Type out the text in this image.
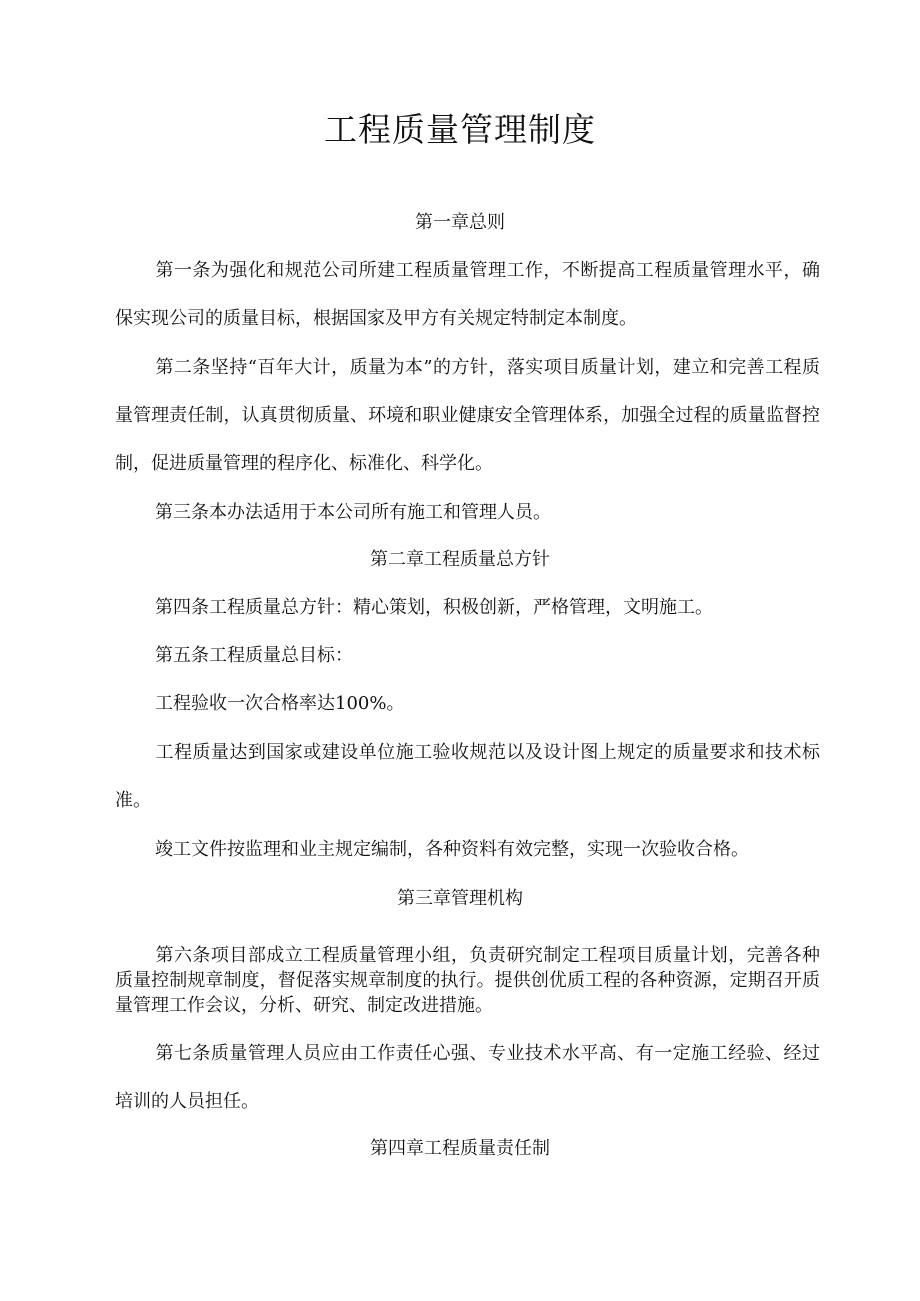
工程质量管理制度
第一章总则

第一条为强化和规范公司所建工程质量管理工作，不断提高工程质量管理水平，确保实现公司的质量目标，根据国家及甲方有关规定特制定本制度。

第二条坚持“百年大计，质量为本”的方针，落实项目质量计划，建立和完善工程质量管理责任制，认真贯彻质量、环境和职业健康安全管理体系，加强全过程的质量监督控制，促进质量管理的程序化、标准化、科学化。

第三条本办法适用于本公司所有施工和管理人员。

第二章工程质量总方针

第四条工程质量总方针：精心策划，积极创新，严格管理，文明施工。

第五条工程质量总目标：

工程验收一次合格率达100%。

工程质量达到国家或建设单位施工验收规范以及设计图上规定的质量要求和技术标准。

竣工文件按监理和业主规定编制，各种资料有效完整，实现一次验收合格。

第三章管理机构

第六条项目部成立工程质量管理小组，负责研究制定工程项目质量计划，完善各种质量控制规章制度，督促落实规章制度的执行。提供创优质工程的各种资源，定期召开质量管理工作会议，分析、研究、制定改进措施。

第七条质量管理人员应由工作责任心强、专业技术水平高、有一定施工经验、经过培训的人员担任。

第四章工程质量责任制
